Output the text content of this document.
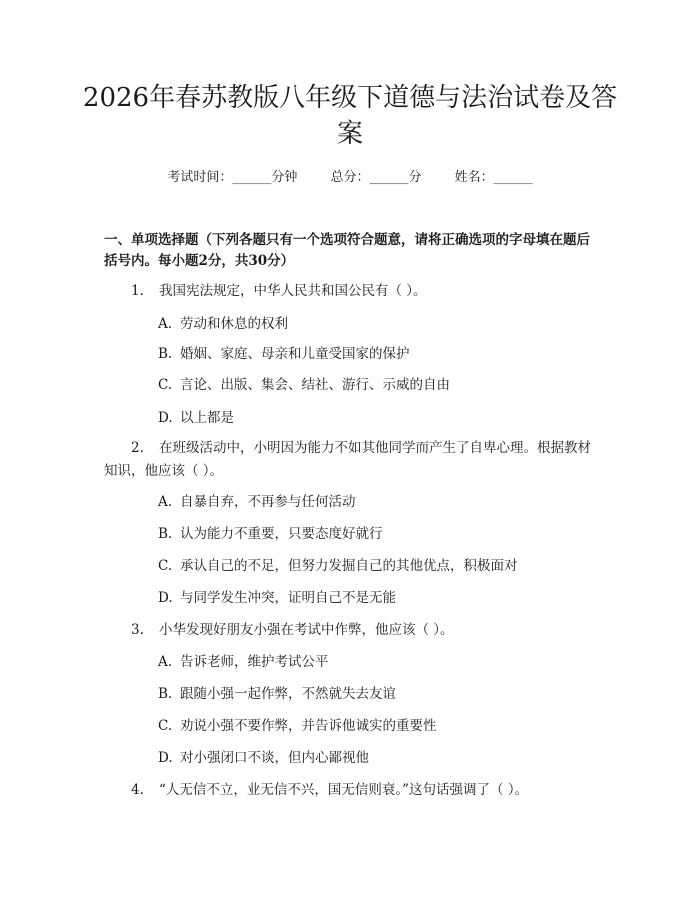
2026年春苏教版八年级下道德与法治试卷及答案
考试时间：______分钟	总分：______分	姓名：______

一、单项选择题（下列各题只有一个选项符合题意，请将正确选项的字母填在题后括号内。每小题2分，共30分）

1. 我国宪法规定，中华人民共和国公民有（ ）。

A. 劳动和休息的权利
B. 婚姻、家庭、母亲和儿童受国家的保护
C. 言论、出版、集会、结社、游行、示威的自由
D. 以上都是

2. 在班级活动中，小明因为能力不如其他同学而产生了自卑心理。根据教材知识，他应该（ ）。

A. 自暴自弃，不再参与任何活动
B. 认为能力不重要，只要态度好就行
C. 承认自己的不足，但努力发掘自己的其他优点，积极面对
D. 与同学发生冲突，证明自己不是无能

3. 小华发现好朋友小强在考试中作弊，他应该（ ）。

A. 告诉老师，维护考试公平
B. 跟随小强一起作弊，不然就失去友谊
C. 劝说小强不要作弊，并告诉他诚实的重要性
D. 对小强闭口不谈，但内心鄙视他

4. “人无信不立，业无信不兴，国无信则衰。”这句话强调了（ ）。
